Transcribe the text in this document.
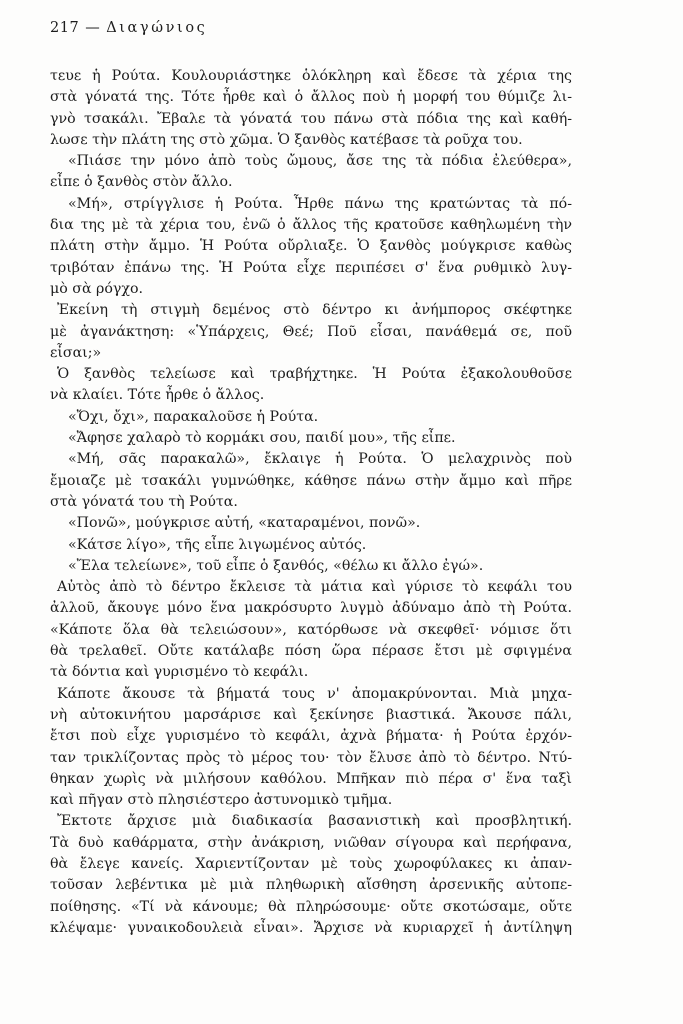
217 — Διαγώνιος
τευε ἡ Ρούτα. Κουλουριάστηκε ὁλόκληρη καὶ ἔδεσε τὰ χέρια της
στὰ γόνατά της. Τότε ἦρθε καὶ ὁ ἄλλος ποὺ ἡ μορφή του θύμιζε λι-
γνὸ τσακάλι. Ἔβαλε τὰ γόνατά του πάνω στὰ πόδια της καὶ καθή-
λωσε τὴν πλάτη της στὸ χῶμα. Ὁ ξανθὸς κατέβασε τὰ ροῦχα του.
«Πιάσε την μόνο ἀπὸ τοὺς ὤμους, ἄσε της τὰ πόδια ἐλεύθερα»,
εἶπε ὁ ξανθὸς στὸν ἄλλο.
«Μή», στρίγγλισε ἡ Ρούτα. Ἦρθε πάνω της κρατώντας τὰ πό-
δια της μὲ τὰ χέρια του, ἐνῶ ὁ ἄλλος τῆς κρατοῦσε καθηλωμένη τὴν
πλάτη στὴν ἄμμο. Ἡ Ρούτα οὔρλιαξε. Ὁ ξανθὸς μούγκρισε καθὼς
τριβόταν ἐπάνω της. Ἡ Ρούτα εἶχε περιπέσει σ' ἕνα ρυθμικὸ λυγ-
μὸ σὰ ρόγχο.
Ἐκείνη τὴ στιγμὴ δεμένος στὸ δέντρο κι ἀνήμπορος σκέφτηκε
μὲ ἀγανάκτηση: «Ὑπάρχεις, Θεέ; Ποῦ εἶσαι, πανάθεμά σε, ποῦ
εἶσαι;»
Ὁ ξανθὸς τελείωσε καὶ τραβήχτηκε. Ἡ Ρούτα ἐξακολουθοῦσε
νὰ κλαίει. Τότε ἦρθε ὁ ἄλλος.
«Ὄχι, ὄχι», παρακαλοῦσε ἡ Ρούτα.
«Ἄφησε χαλαρὸ τὸ κορμάκι σου, παιδί μου», τῆς εἶπε.
«Μή, σᾶς παρακαλῶ», ἔκλαιγε ἡ Ρούτα. Ὁ μελαχρινὸς ποὺ
ἔμοιαζε μὲ τσακάλι γυμνώθηκε, κάθησε πάνω στὴν ἄμμο καὶ πῆρε
στὰ γόνατά του τὴ Ρούτα.
«Πονῶ», μούγκρισε αὐτή, «καταραμένοι, πονῶ».
«Κάτσε λίγο», τῆς εἶπε λιγωμένος αὐτός.
«Ἔλα τελείωνε», τοῦ εἶπε ὁ ξανθός, «θέλω κι ἄλλο ἐγώ».
Αὐτὸς ἀπὸ τὸ δέντρο ἔκλεισε τὰ μάτια καὶ γύρισε τὸ κεφάλι του
ἀλλοῦ, ἄκουγε μόνο ἕνα μακρόσυρτο λυγμὸ ἀδύναμο ἀπὸ τὴ Ρούτα.
«Κάποτε ὅλα θὰ τελειώσουν», κατόρθωσε νὰ σκεφθεῖ· νόμισε ὅτι
θὰ τρελαθεῖ. Οὔτε κατάλαβε πόση ὥρα πέρασε ἔτσι μὲ σφιγμένα
τὰ δόντια καὶ γυρισμένο τὸ κεφάλι.
Κάποτε ἄκουσε τὰ βήματά τους ν' ἀπομακρύνονται. Μιὰ μηχα-
νὴ αὐτοκινήτου μαρσάρισε καὶ ξεκίνησε βιαστικά. Ἄκουσε πάλι,
ἔτσι ποὺ εἶχε γυρισμένο τὸ κεφάλι, ἀχνὰ βήματα· ἡ Ρούτα ἐρχόν-
ταν τρικλίζοντας πρὸς τὸ μέρος του· τὸν ἔλυσε ἀπὸ τὸ δέντρο. Ντύ-
θηκαν χωρὶς νὰ μιλήσουν καθόλου. Μπῆκαν πιὸ πέρα σ' ἕνα ταξὶ
καὶ πῆγαν στὸ πλησιέστερο ἀστυνομικὸ τμῆμα.
Ἔκτοτε ἄρχισε μιὰ διαδικασία βασανιστικὴ καὶ προσβλητική.
Τὰ δυὸ καθάρματα, στὴν ἀνάκριση, νιῶθαν σίγουρα καὶ περήφανα,
θὰ ἔλεγε κανείς. Χαριεντίζονταν μὲ τοὺς χωροφύλακες κι ἀπαν-
τοῦσαν λεβέντικα μὲ μιὰ πληθωρικὴ αἴσθηση ἀρσενικῆς αὐτοπε-
ποίθησης. «Τί νὰ κάνουμε; θὰ πληρώσουμε· οὔτε σκοτώσαμε, οὔτε
κλέψαμε· γυναικοδουλειὰ εἶναι». Ἄρχισε νὰ κυριαρχεῖ ἡ ἀντίληψη
